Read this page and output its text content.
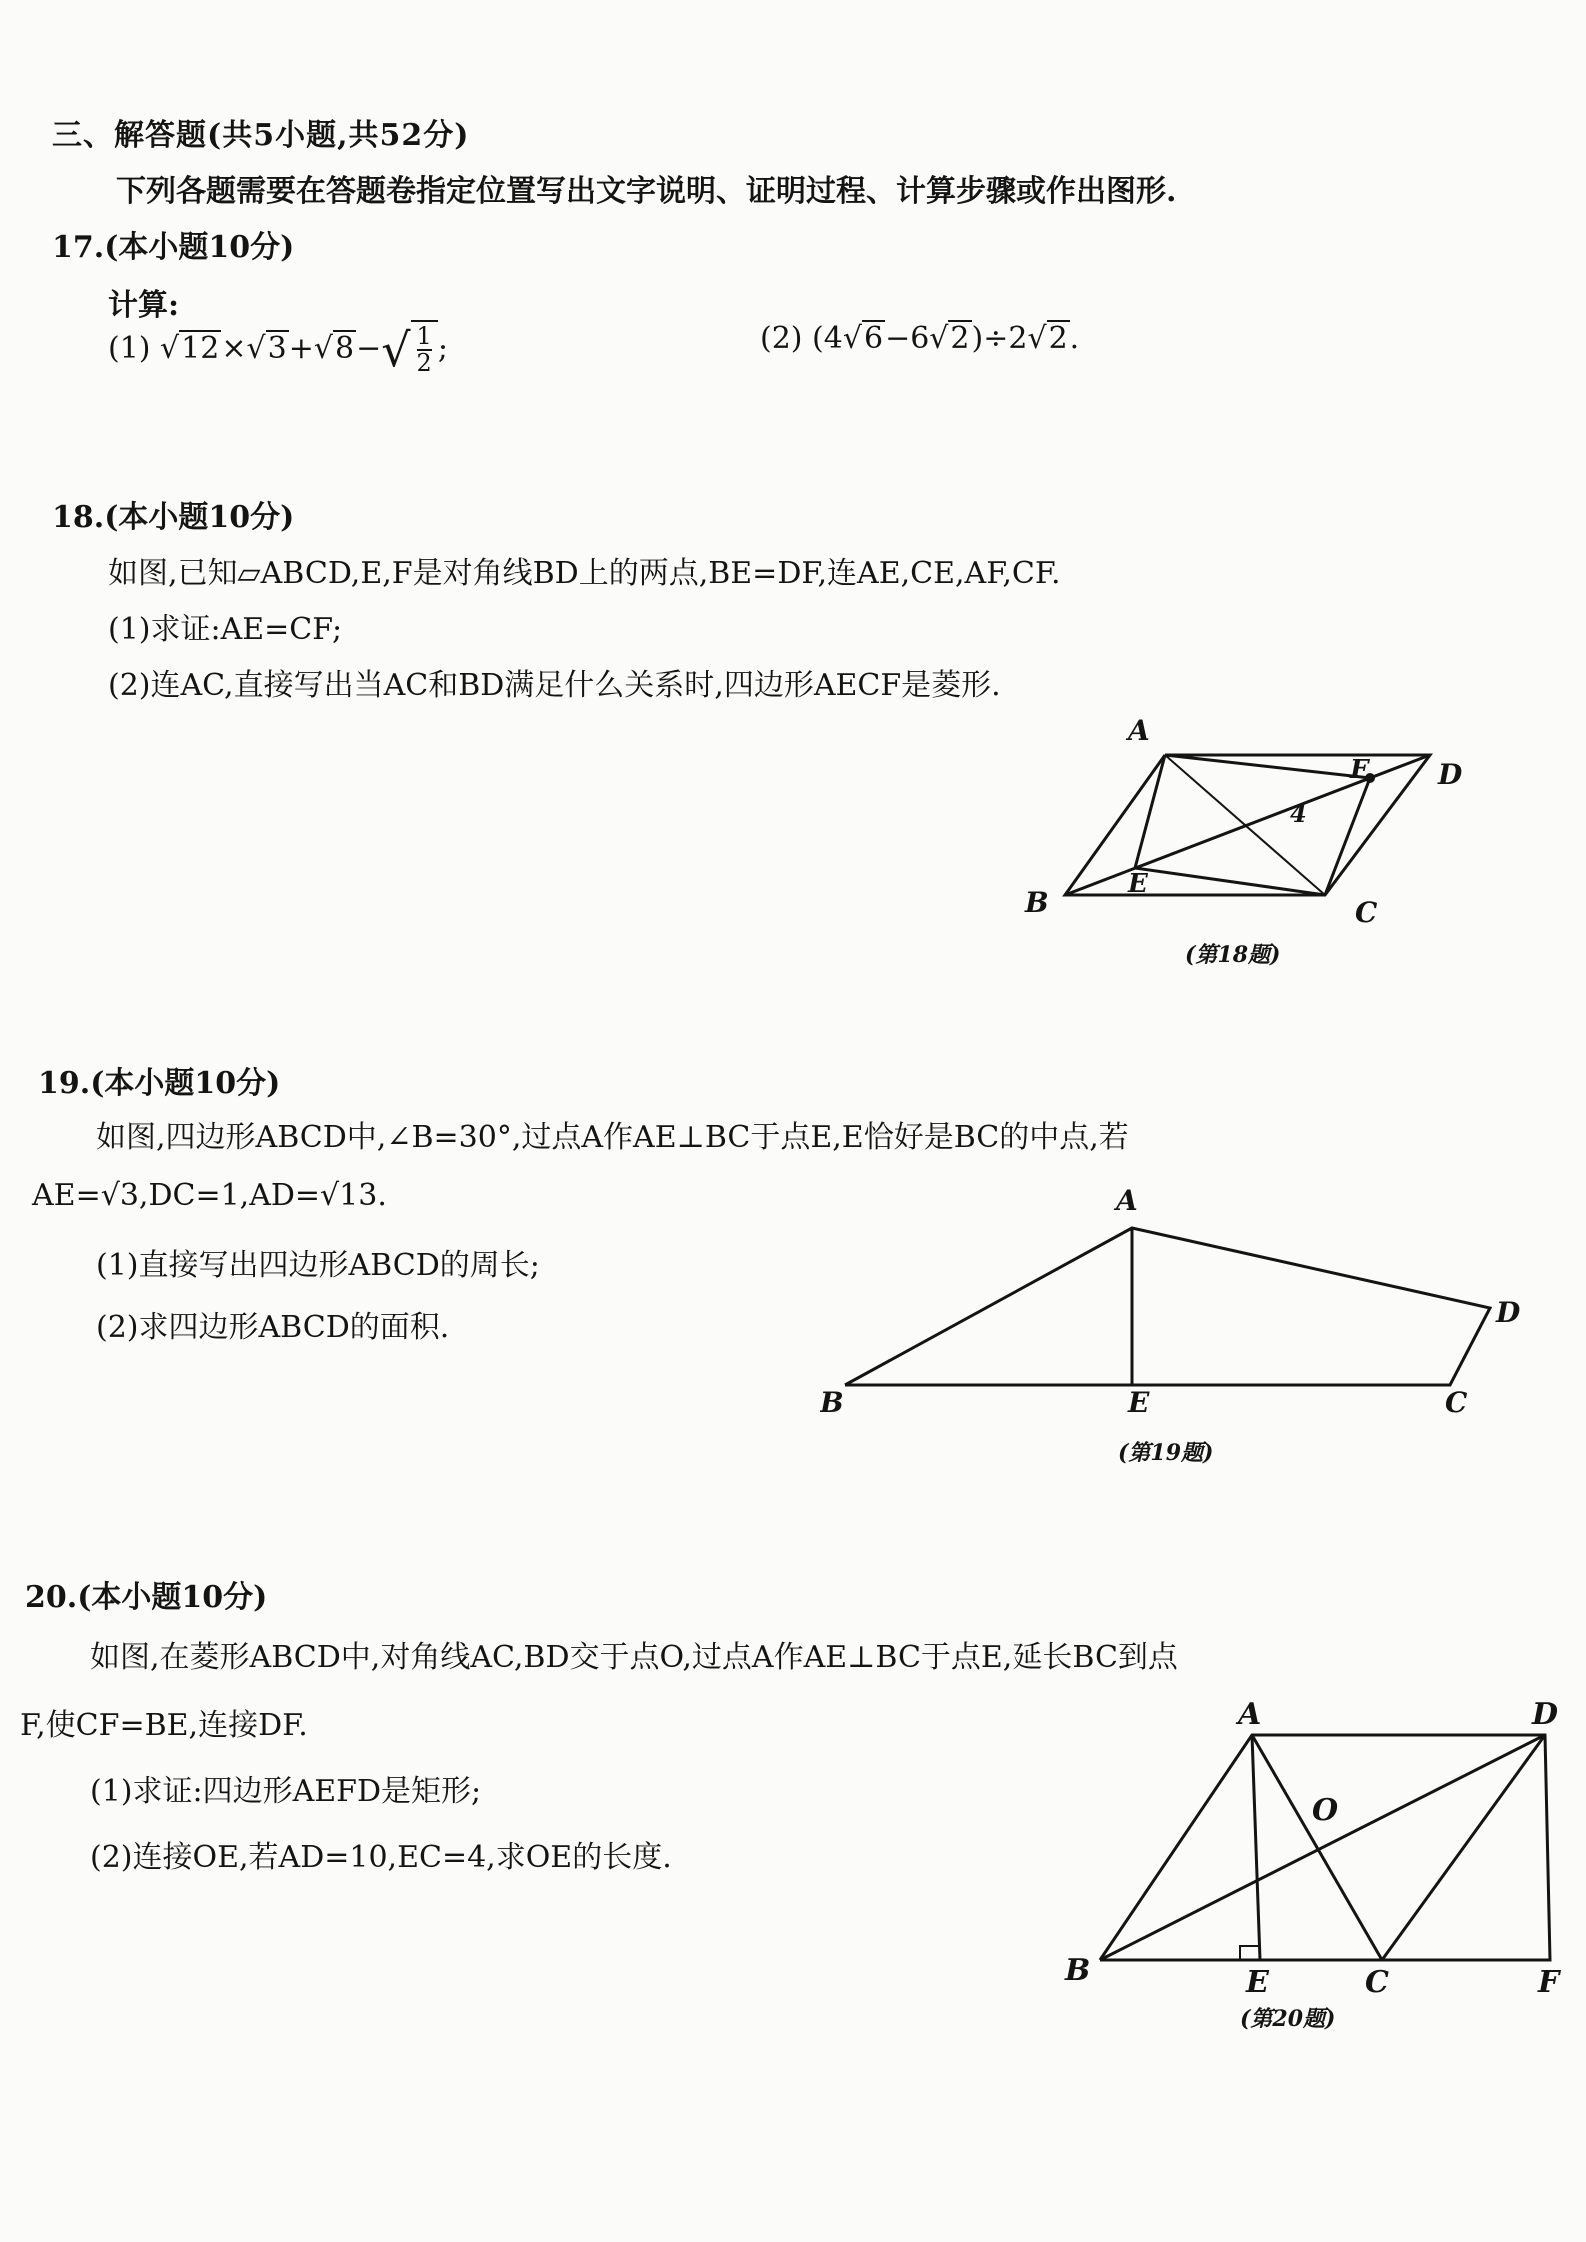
三、解答题(共5小题,共52分)
下列各题需要在答题卷指定位置写出文字说明、证明过程、计算步骤或作出图形.
17.(本小题10分)
计算:
(1) $√12\times√3+√8-√ \frac{1}{2}$ ;	(2) (4√6−6√2)÷2√2.
18.(本小题10分)
如图,已知▱ABCD,E,F是对角线BD上的两点,BE=DF,连AE,CE,AF,CF.
(1)求证:AE=CF;
(2)连AC,直接写出当AC和BD满足什么关系时,四边形AECF是菱形.
A
B	C
D
E
F
4
(第18题)
19.(本小题10分)
如图,四边形ABCD中,∠B=30°,过点A作AE⊥BC于点E,E恰好是BC的中点,若
AE=√3,DC=1,AD=√13.
(1)直接写出四边形ABCD的周长;
(2)求四边形ABCD的面积.
A
B	C
D
E
(第19题)
20.(本小题10分)
如图,在菱形ABCD中,对角线AC,BD交于点O,过点A作AE⊥BC于点E,延长BC到点
F,使CF=BE,连接DF.
(1)求证:四边形AEFD是矩形;
(2)连接OE,若AD=10,EC=4,求OE的长度.
A
B	C
D
E	F
O
(第20题)
